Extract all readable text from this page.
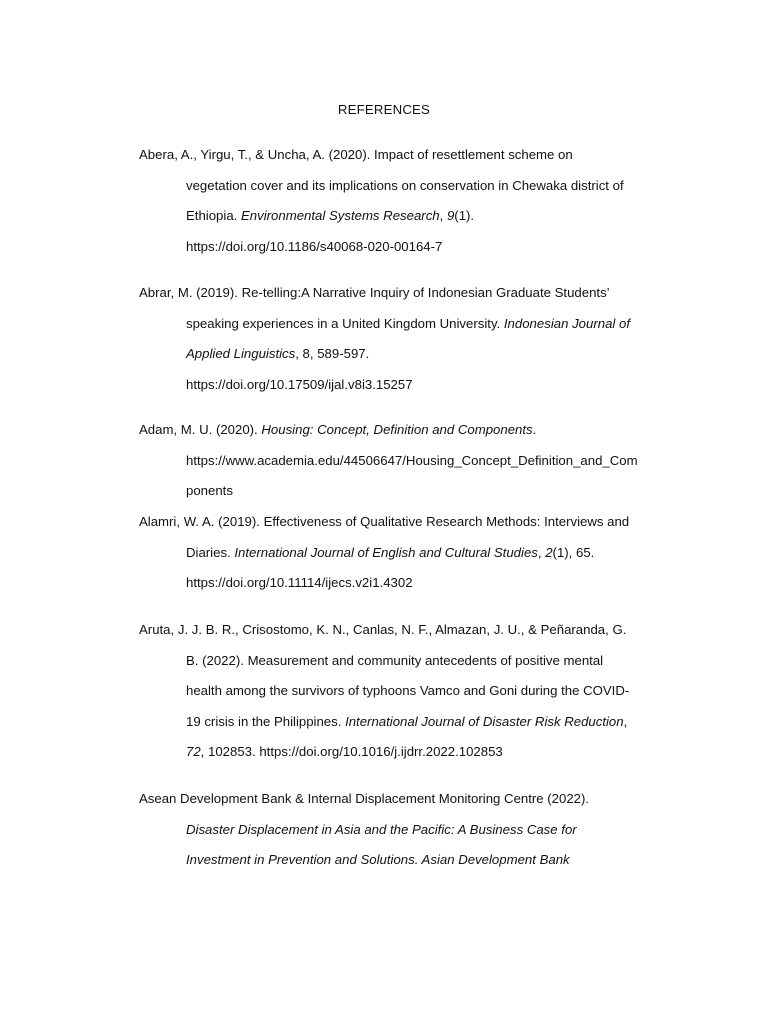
REFERENCES
Abera, A., Yirgu, T., & Uncha, A. (2020). Impact of resettlement scheme on
vegetation cover and its implications on conservation in Chewaka district of
Ethiopia. Environmental Systems Research, 9(1).
https://doi.org/10.1186/s40068-020-00164-7
Abrar, M. (2019). Re-telling:A Narrative Inquiry of Indonesian Graduate Students’
speaking experiences in a United Kingdom University. Indonesian Journal of
Applied Linguistics, 8, 589-597.
https://doi.org/10.17509/ijal.v8i3.15257
Adam, M. U. (2020). Housing: Concept, Definition and Components.
https://www.academia.edu/44506647/Housing_Concept_Definition_and_Com
ponents
Alamri, W. A. (2019). Effectiveness of Qualitative Research Methods: Interviews and
Diaries. International Journal of English and Cultural Studies, 2(1), 65.
https://doi.org/10.11114/ijecs.v2i1.4302
Aruta, J. J. B. R., Crisostomo, K. N., Canlas, N. F., Almazan, J. U., & Peñaranda, G.
B. (2022). Measurement and community antecedents of positive mental
health among the survivors of typhoons Vamco and Goni during the COVID-
19 crisis in the Philippines. International Journal of Disaster Risk Reduction,
72, 102853. https://doi.org/10.1016/j.ijdrr.2022.102853
Asean Development Bank & Internal Displacement Monitoring Centre (2022).
Disaster Displacement in Asia and the Pacific: A Business Case for
Investment in Prevention and Solutions. Asian Development Bank
